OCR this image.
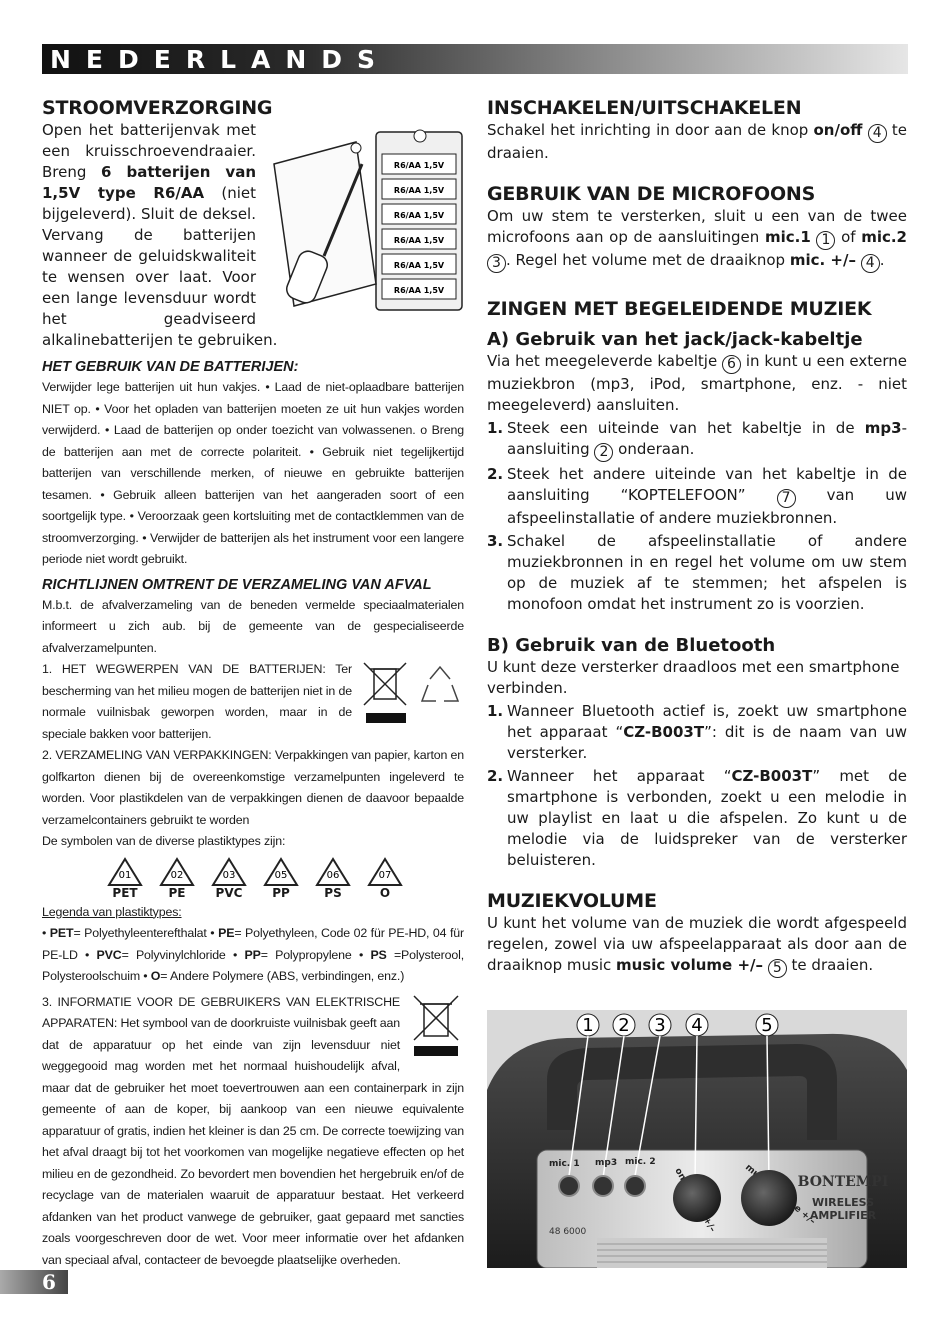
NEDERLANDS
STROOMVERZORGING
R6/AA 1,5V
R6/AA 1,5V
R6/AA 1,5V
R6/AA 1,5V
R6/AA 1,5V
R6/AA 1,5V
Open het batterijenvak met een kruisschroevendraaier. Breng 6 batterijen van 1,5V type R6/AA (niet bijgeleverd). Sluit de deksel. Vervang de batterijen wanneer de geluidskwaliteit te wensen over laat. Voor een lange levensduur wordt het geadviseerd alkalinebatterijen te gebruiken.
HET GEBRUIK VAN DE BATTERIJEN:
Verwijder lege batterijen uit hun vakjes. • Laad de niet-oplaadbare batterijen NIET op. • Voor het opladen van batterijen moeten ze uit hun vakjes worden verwijderd. • Laad de batterijen op onder toezicht van volwassenen. o Breng de batterijen aan met de correcte polariteit. • Gebruik niet tegelijkertijd batterijen van verschillende merken, of nieuwe en gebruikte batterijen tesamen. • Gebruik alleen batterijen van het aangeraden soort of een soortgelijk type. • Veroorzaak geen kortsluiting met de contactklemmen van de stroomverzorging. • Verwijder de batterijen als het instrument voor een langere periode niet wordt gebruikt.
RICHTLIJNEN OMTRENT DE VERZAMELING VAN AFVAL
M.b.t. de afvalverzameling van de beneden vermelde speciaalmaterialen informeert u zich aub. bij de gemeente van de gespecialiseerde afvalverzamelpunten.
1. HET WEGWERPEN VAN DE BATTERIJEN: Ter bescherming van het milieu mogen de batterijen niet in de normale vuilnisbak geworpen worden, maar in de speciale bakken voor batterijen.
2. VERZAMELING VAN VERPAKKINGEN: Verpakkingen van papier, karton en golfkarton dienen bij de overeenkomstige verzamelpunten ingeleverd te worden. Voor plastikdelen van de verpakkingen dienen de daavoor bepaalde verzamelcontainers gebruikt te worden
De symbolen van de diverse plastiktypes zijn:
01
PET
02
PE
03
PVC
05
PP
06
PS
07
O
Legenda van plastiktypes:
• PET= Polyethyleenterefthalat • PE= Polyethyleen, Code 02 für PE-HD, 04 für PE-LD • PVC= Polyvinylchloride • PP= Polypropylene • PS =Polysterool, Polysteroolschuim • O= Andere Polymere (ABS, verbindingen, enz.)
3. INFORMATIE VOOR DE GEBRUIKERS VAN ELEKTRISCHE APPARATEN: Het symbool van de doorkruiste vuilnisbak geeft aan dat de apparatuur op het einde van zijn levensduur niet weggegooid mag worden met het normaal huishoudelijk afval, maar dat de gebruiker het moet toevertrouwen aan een containerpark in zijn gemeente of aan de koper, bij aankoop van een nieuwe equivalente apparatuur of gratis, indien het kleiner is dan 25 cm. De correcte toewijzing van het afval draagt bij tot het voorkomen van mogelijke negatieve effecten op het milieu en de gezondheid. Zo bevordert men bovendien het hergebruik en/of de recyclage van de materialen waaruit de apparatuur bestaat. Het verkeerd afdanken van het product vanwege de gebruiker, gaat gepaard met sancties zoals voorgeschreven door de wet. Voor meer informatie over het afdanken van speciaal afval, contacteer de bevoegde plaatselijke overheden.
INSCHAKELEN/UITSCHAKELEN
Schakel het inrichting in door aan de knop on/off 4 te draaien.
GEBRUIK VAN DE MICROFOONS
Om uw stem te versterken, sluit u een van de twee microfoons aan op de aansluitingen mic.1 1 of mic.2 3 . Regel het volume met de draaiknop mic. +/– 4 .
ZINGEN MET BEGELEIDENDE MUZIEK
A) Gebruik van het jack/jack-kabeltje
Via het meegeleverde kabeltje 6 in kunt u een externe muziekbron (mp3, iPod, smartphone, enz. - niet meegeleverd) aansluiten.
1. Steek een uiteinde van het kabeltje in de mp3-aansluiting 2 onderaan.
2. Steek het andere uiteinde van het kabeltje in de aansluiting “KOPTELEFOON” 7 van uw afspeelinstallatie of andere muziekbronnen.
3. Schakel de afspeelinstallatie of andere muziekbronnen in en regel het volume om uw stem op de muziek af te stemmen; het afspelen is monofoon omdat het instrument zo is voorzien.
B) Gebruik van de Bluetooth
U kunt deze versterker draadloos met een smartphone verbinden.
1. Wanneer Bluetooth actief is, zoekt uw smartphone het apparaat “CZ-B003T”: dit is de naam van uw versterker.
2. Wanneer het apparaat “CZ-B003T” met de smartphone is verbonden, zoekt u een melodie in uw playlist en laat u die afspelen. Zo kunt u de melodie via de luidspreker van de versterker beluisteren.
MUZIEKVOLUME
U kunt het volume van de muziek die wordt afgespeeld regelen, zowel via uw afspeelapparaat als door aan de draaiknop music music volume +/– 5 te draaien.
1 2 3 4	5
mic. 1 mp3 mic. 2
+/–
BONTEMPI
WIRELESS
AMPLIFIER
48 6000
6
